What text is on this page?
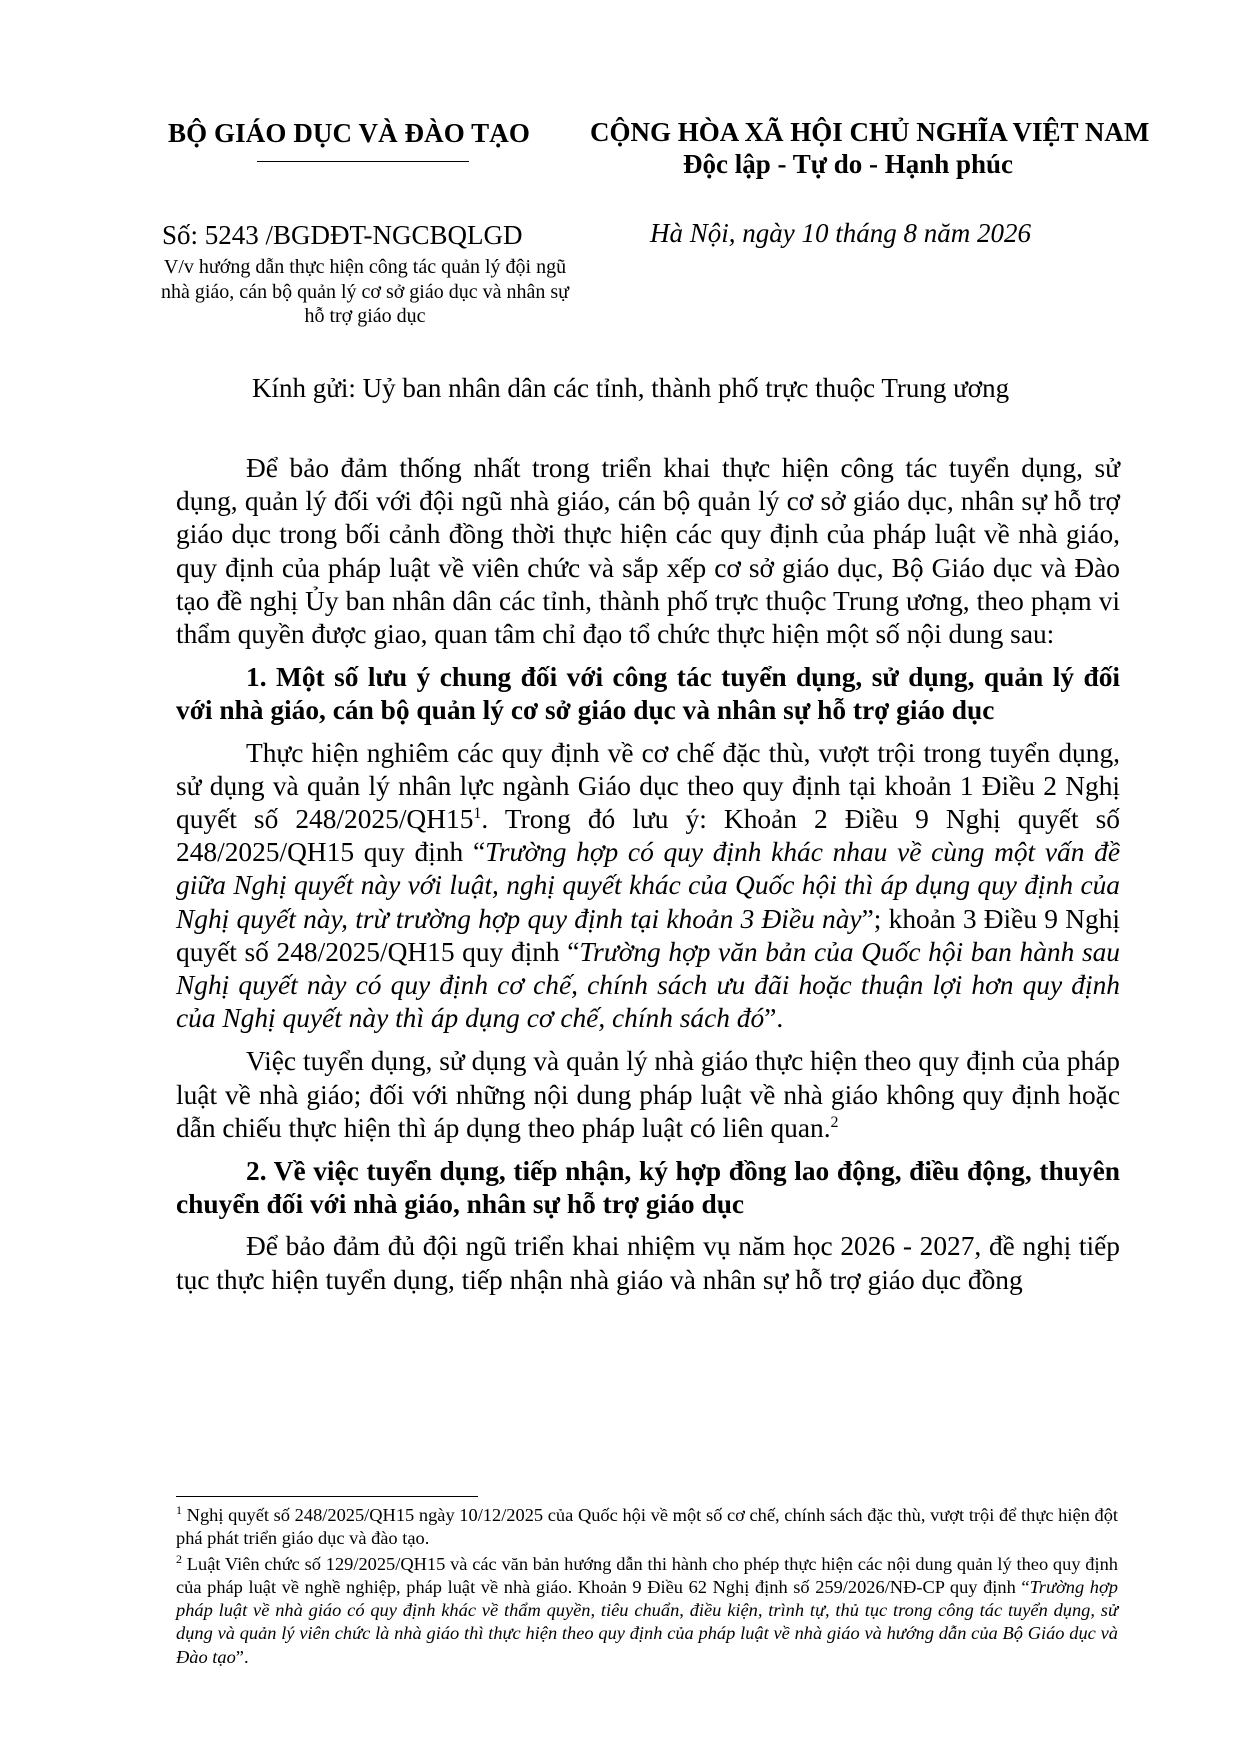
BỘ GIÁO DỤC VÀ ĐÀO TẠO	CỘNG HÒA XÃ HỘI CHỦ NGHĨA VIỆT NAM
Độc lập - Tự do - Hạnh phúc
Số: 5243 /BGDĐT-NGCBQLGD
V/v hướng dẫn thực hiện công tác quản lý đội ngũ nhà giáo, cán bộ quản lý cơ sở giáo dục và nhân sự hỗ trợ giáo dục
Hà Nội, ngày 10 tháng 8 năm 2026
Kính gửi: Uỷ ban nhân dân các tỉnh, thành phố trực thuộc Trung ương

Để bảo đảm thống nhất trong triển khai thực hiện công tác tuyển dụng, sử dụng, quản lý đối với đội ngũ nhà giáo, cán bộ quản lý cơ sở giáo dục, nhân sự hỗ trợ giáo dục trong bối cảnh đồng thời thực hiện các quy định của pháp luật về nhà giáo, quy định của pháp luật về viên chức và sắp xếp cơ sở giáo dục, Bộ Giáo dục và Đào tạo đề nghị Ủy ban nhân dân các tỉnh, thành phố trực thuộc Trung ương, theo phạm vi thẩm quyền được giao, quan tâm chỉ đạo tổ chức thực hiện một số nội dung sau:

1. Một số lưu ý chung đối với công tác tuyển dụng, sử dụng, quản lý đối với nhà giáo, cán bộ quản lý cơ sở giáo dục và nhân sự hỗ trợ giáo dục

Thực hiện nghiêm các quy định về cơ chế đặc thù, vượt trội trong tuyển dụng, sử dụng và quản lý nhân lực ngành Giáo dục theo quy định tại khoản 1 Điều 2 Nghị quyết số $248/2025/QH15^1$. Trong đó lưu ý: Khoản 2 Điều 9 Nghị quyết số 248/2025/QH15 quy định “Trường hợp có quy định khác nhau về cùng một vấn đề giữa Nghị quyết này với luật, nghị quyết khác của Quốc hội thì áp dụng quy định của Nghị quyết này, trừ trường hợp quy định tại khoản 3 Điều này”; khoản 3 Điều 9 Nghị quyết số 248/2025/QH15 quy định “Trường hợp văn bản của Quốc hội ban hành sau Nghị quyết này có quy định cơ chế, chính sách ưu đãi hoặc thuận lợi hơn quy định của Nghị quyết này thì áp dụng cơ chế, chính sách đó”.

Việc tuyển dụng, sử dụng và quản lý nhà giáo thực hiện theo quy định của pháp luật về nhà giáo; đối với những nội dung pháp luật về nhà giáo không quy định hoặc dẫn chiếu thực hiện thì áp dụng theo pháp luật có liên quan.$^2$

2. Về việc tuyển dụng, tiếp nhận, ký hợp đồng lao động, điều động, thuyên chuyển đối với nhà giáo, nhân sự hỗ trợ giáo dục

Để bảo đảm đủ đội ngũ triển khai nhiệm vụ năm học 2026 - 2027, đề nghị tiếp tục thực hiện tuyển dụng, tiếp nhận nhà giáo và nhân sự hỗ trợ giáo dục đồng

$^1$ Nghị quyết số 248/2025/QH15 ngày 10/12/2025 của Quốc hội về một số cơ chế, chính sách đặc thù, vượt trội để thực hiện đột phá phát triển giáo dục và đào tạo.

$^2$ Luật Viên chức số 129/2025/QH15 và các văn bản hướng dẫn thi hành cho phép thực hiện các nội dung quản lý theo quy định của pháp luật về nghề nghiệp, pháp luật về nhà giáo. Khoản 9 Điều 62 Nghị định số 259/2026/NĐ-CP quy định “Trường hợp pháp luật về nhà giáo có quy định khác về thẩm quyền, tiêu chuẩn, điều kiện, trình tự, thủ tục trong công tác tuyển dụng, sử dụng và quản lý viên chức là nhà giáo thì thực hiện theo quy định của pháp luật về nhà giáo và hướng dẫn của Bộ Giáo dục và Đào tạo”.
